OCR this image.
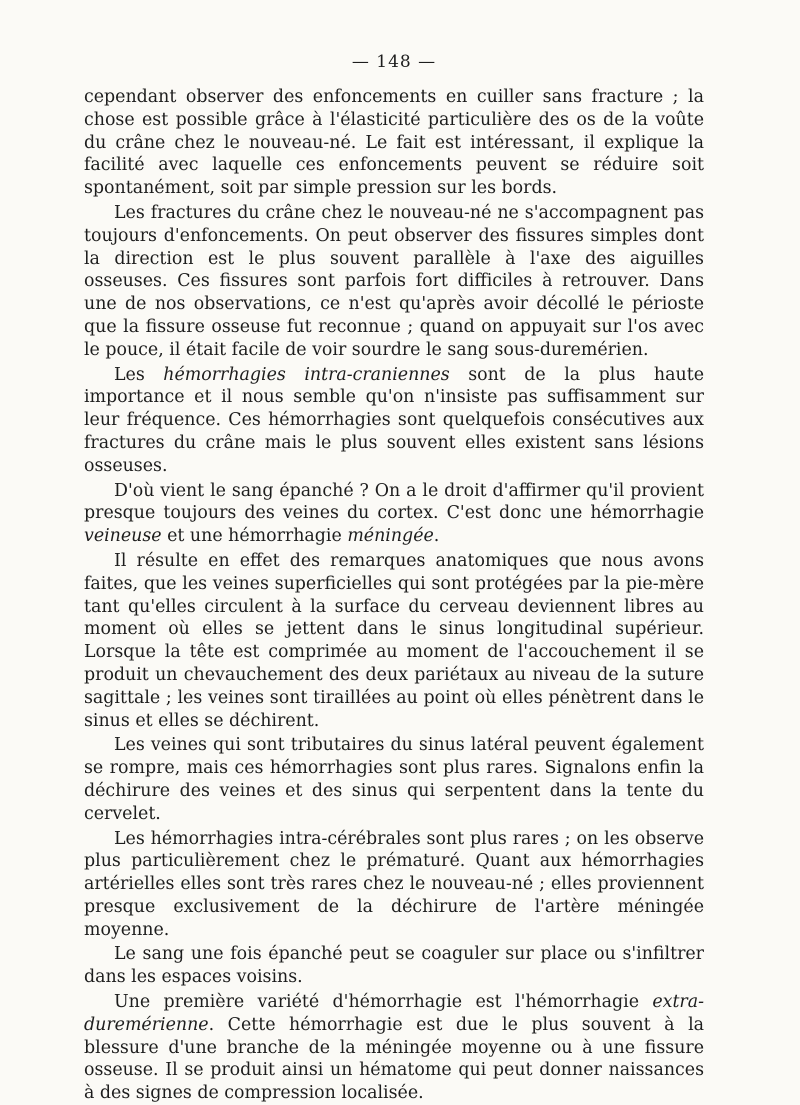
— 148 —

cependant observer des enfoncements en cuiller sans fracture ; la chose est possible grâce à l'élasticité particulière des os de la voûte du crâne chez le nouveau-né. Le fait est intéressant, il explique la facilité avec laquelle ces enfoncements peuvent se réduire soit spontanément, soit par simple pression sur les bords.

Les fractures du crâne chez le nouveau-né ne s'accompagnent pas toujours d'enfoncements. On peut observer des fissures simples dont la direction est le plus souvent parallèle à l'axe des aiguilles osseuses. Ces fissures sont parfois fort difficiles à retrouver. Dans une de nos observations, ce n'est qu'après avoir décollé le périoste que la fissure osseuse fut reconnue ; quand on appuyait sur l'os avec le pouce, il était facile de voir sourdre le sang sous-duremérien.

Les hémorrhagies intra-craniennes sont de la plus haute importance et il nous semble qu'on n'insiste pas suffisamment sur leur fréquence. Ces hémorrhagies sont quelquefois consécutives aux fractures du crâne mais le plus souvent elles existent sans lésions osseuses.

D'où vient le sang épanché ? On a le droit d'affirmer qu'il provient presque toujours des veines du cortex. C'est donc une hémorrhagie veineuse et une hémorrhagie méningée.

Il résulte en effet des remarques anatomiques que nous avons faites, que les veines superficielles qui sont protégées par la pie-mère tant qu'elles circulent à la surface du cerveau deviennent libres au moment où elles se jettent dans le sinus longitudinal supérieur. Lorsque la tête est comprimée au moment de l'accouchement il se produit un chevauchement des deux pariétaux au niveau de la suture sagittale ; les veines sont tiraillées au point où elles pénètrent dans le sinus et elles se déchirent.

Les veines qui sont tributaires du sinus latéral peuvent également se rompre, mais ces hémorrhagies sont plus rares. Signalons enfin la déchirure des veines et des sinus qui serpentent dans la tente du cervelet.

Les hémorrhagies intra-cérébrales sont plus rares ; on les observe plus particulièrement chez le prématuré. Quant aux hémorrhagies artérielles elles sont très rares chez le nouveau-né ; elles proviennent presque exclusivement de la déchirure de l'artère méningée moyenne.

Le sang une fois épanché peut se coaguler sur place ou s'infiltrer dans les espaces voisins.

Une première variété d'hémorrhagie est l'hémorrhagie extra-duremérienne. Cette hémorrhagie est due le plus souvent à la blessure d'une branche de la méningée moyenne ou à une fissure osseuse. Il se produit ainsi un hématome qui peut donner naissances à des signes de compression localisée.
